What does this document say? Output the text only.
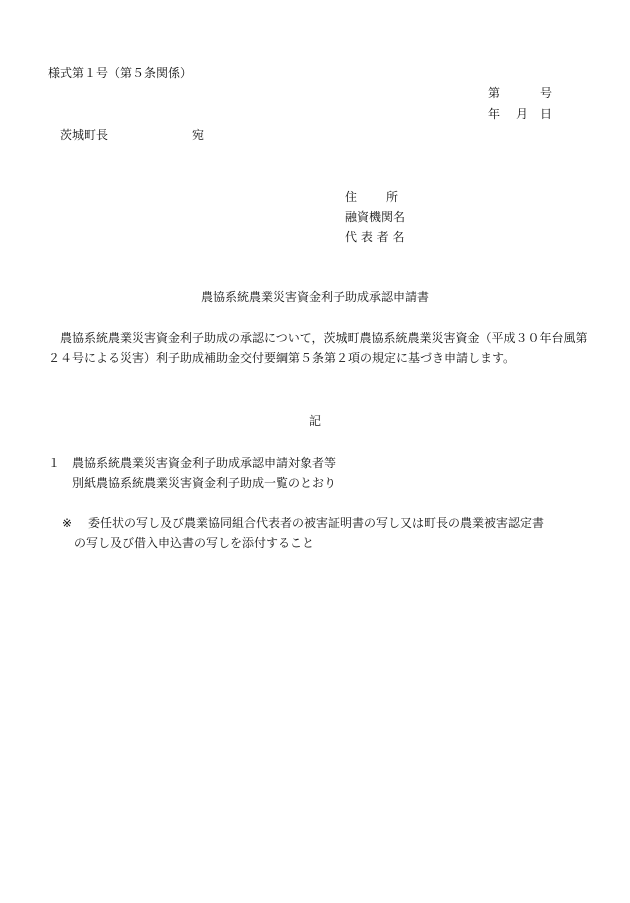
様式第１号（第５条関係）
第	号
年 月 日
茨城町長	宛
住 所
融資機関名
代 表 者 名
農協系統農業災害資金利子助成承認申請書
農協系統農業災害資金利子助成の承認について，茨城町農協系統農業災害資金（平成３０年台風第２４号による災害）利子助成補助金交付要綱第５条第２項の規定に基づき申請します。
記
１ 農協系統農業災害資金利子助成承認申請対象者等
別紙農協系統農業災害資金利子助成一覧のとおり
※ 委任状の写し及び農業協同組合代表者の被害証明書の写し又は町長の農業被害認定書
の写し及び借入申込書の写しを添付すること
